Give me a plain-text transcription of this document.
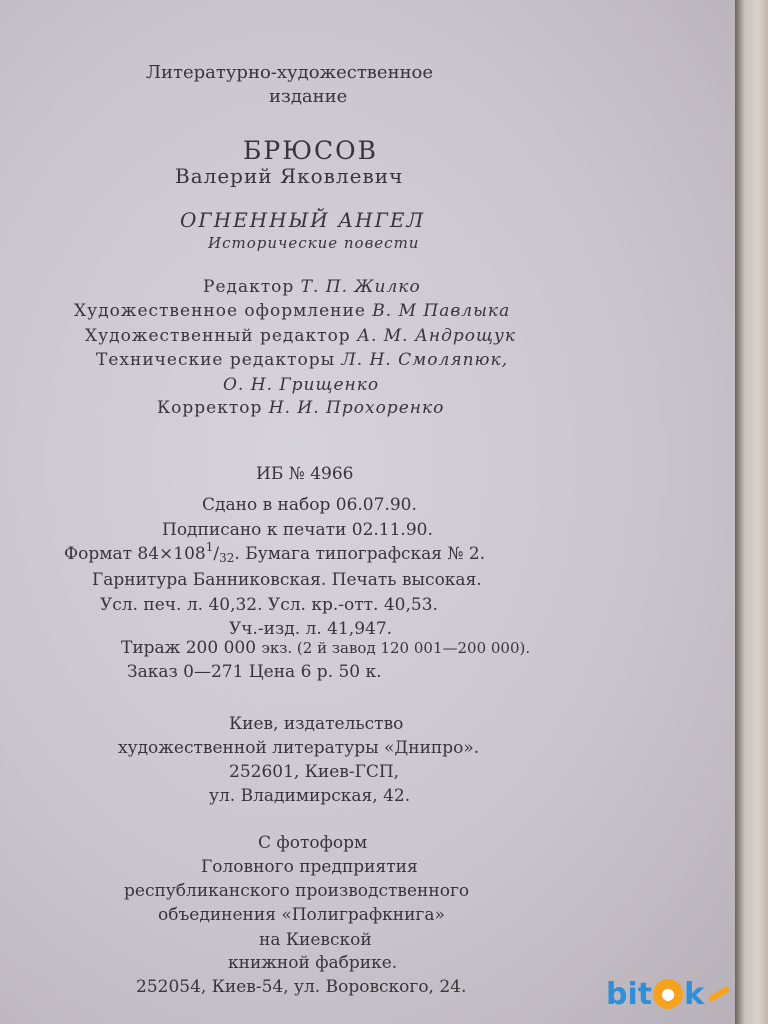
Литературно-художественное
издание
БРЮСОВ
Валерий Яковлевич
ОГНЕННЫЙ АНГЕЛ
Исторические повести
Редактор Т. П. Жилко
Художественное оформление В. М Павлыка
Художественный редактор А. М. Андрощук
Технические редакторы Л. Н. Смоляпюк,
О. Н. Грищенко
Корректор Н. И. Прохоренко
ИБ № 4966
Сдано в набор 06.07.90.
Подписано к печати 02.11.90.
Формат $84\times 108^1/32$. Бумага типографская № 2.
Гарнитура Банниковская. Печать высокая.
Усл. печ. л. 40,32. Усл. кр.-отт. 40,53.
Уч.-изд. л. 41,947.
Тираж 200 000 экз. (2 й завод 120 001—200 000).
Заказ 0—271 Цена 6 р. 50 к.
Киев, издательство
художественной литературы «Днипро».
252601, Киев-ГСП,
ул. Владимирская, 42.
С фотоформ
Головного предприятия
республиканского производственного
объединения «Полиграфкнига»
на Киевской
книжной фабрике.
252054, Киев-54, ул. Воровского, 24.	bit ● k
